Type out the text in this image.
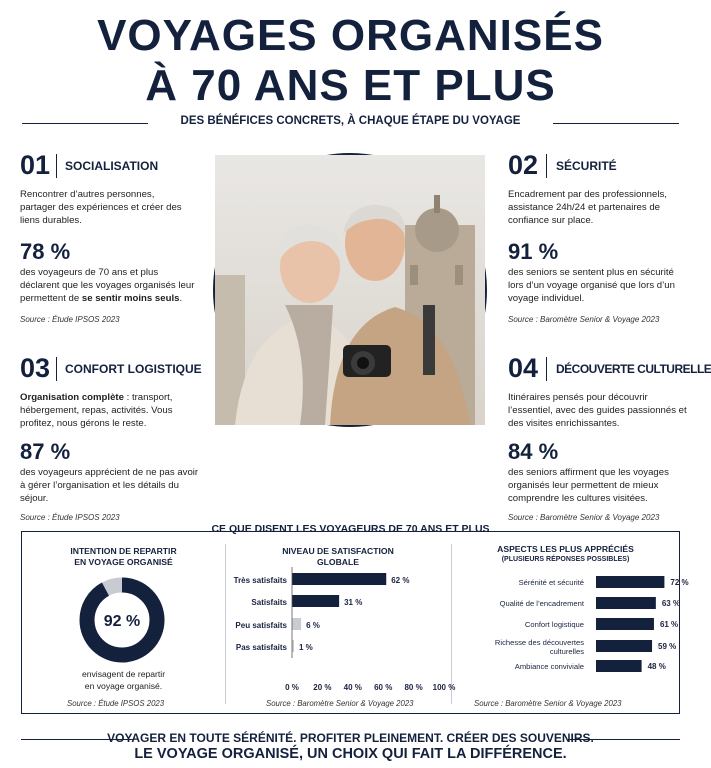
VOYAGES ORGANISÉS
À 70 ANS ET PLUS
DES BÉNÉFICES CONCRETS, À CHAQUE ÉTAPE DU VOYAGE
01 SOCIALISATION
Rencontrer d’autres personnes, partager des expériences et créer des liens durables.
78 %
des voyageurs de 70 ans et plus déclarent que les voyages organisés leur permettent de se sentir moins seuls.
Source : Étude IPSOS 2023
02 SÉCURITÉ
Encadrement par des professionnels, assistance 24h/24 et partenaires de confiance sur place.
91 %
des seniors se sentent plus en sécurité lors d’un voyage organisé que lors d’un voyage individuel.
Source : Baromètre Senior & Voyage 2023
03 CONFORT LOGISTIQUE
Organisation complète : transport, hébergement, repas, activités. Vous profitez, nous gérons le reste.
87 %
des voyageurs apprécient de ne pas avoir à gérer l’organisation et les détails du séjour.
Source : Étude IPSOS 2023
04 DÉCOUVERTE CULTURELLE
Itinéraires pensés pour découvrir l’essentiel, avec des guides passionnés et des visites enrichissantes.
84 %
des seniors affirment que les voyages organisés leur permettent de mieux comprendre les cultures visitées.
Source : Baromètre Senior & Voyage 2023
CE QUE DISENT LES VOYAGEURS DE 70 ANS ET PLUS
INTENTION DE REPARTIR
EN VOYAGE ORGANISÉ
92 %
envisagent de repartir
en voyage organisé.
Source : Étude IPSOS 2023
NIVEAU DE SATISFACTION
GLOBALE
Très satisfaits	62 %
Satisfaits	31 %
Peu satisfaits 6 %
Pas satisfaits 1 %
0 % 20 % 40 % 60 % 80 % 100 %
Source : Baromètre Senior & Voyage 2023
ASPECTS LES PLUS APPRÉCIÉS
(PLUSIEURS RÉPONSES POSSIBLES)
Sérénité et sécurité	72 %
Qualité de l’encadrement	63 %
Confort logistique	61 %
Richesse des découvertes
culturelles
59 %
Ambiance conviviale	48 %
Source : Baromètre Senior & Voyage 2023
VOYAGER EN TOUTE SÉRÉNITÉ. PROFITER PLEINEMENT. CRÉER DES SOUVENIRS.
LE VOYAGE ORGANISÉ, UN CHOIX QUI FAIT LA DIFFÉRENCE.
